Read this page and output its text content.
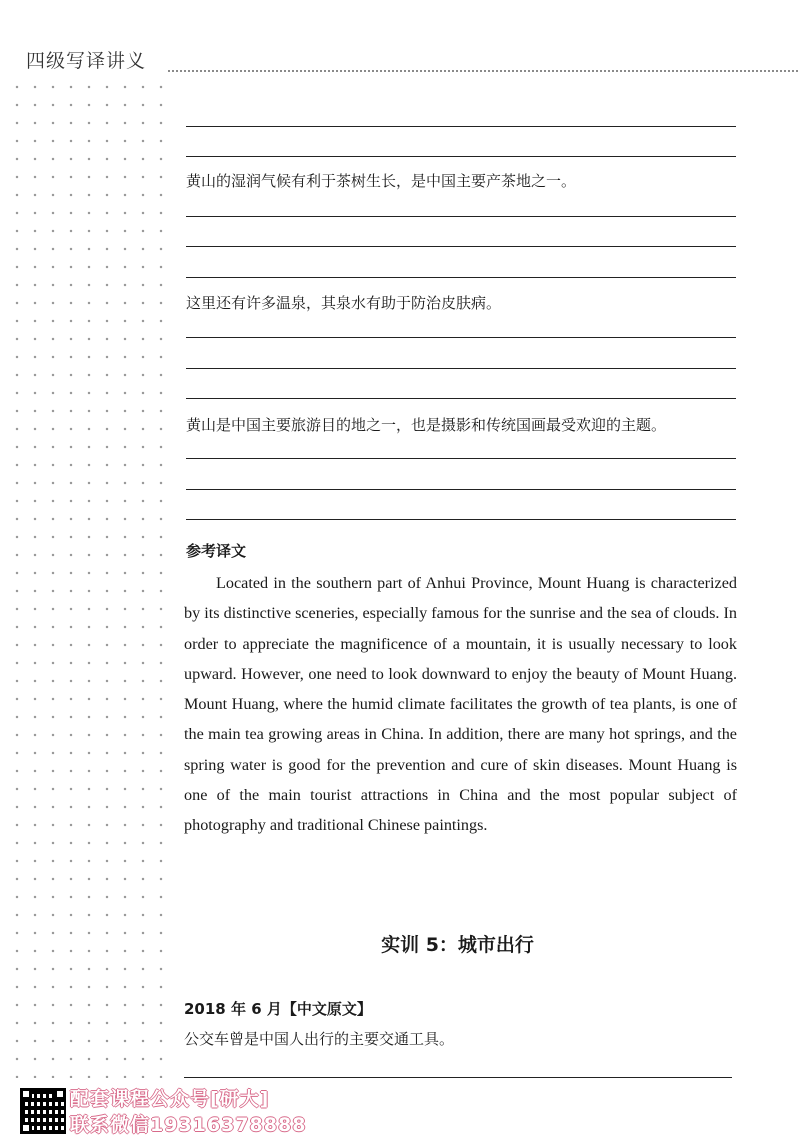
四级写译讲义
黄山的湿润气候有利于茶树生长，是中国主要产茶地之一。
这里还有许多温泉，其泉水有助于防治皮肤病。
黄山是中国主要旅游目的地之一，也是摄影和传统国画最受欢迎的主题。
参考译文

Located in the southern part of Anhui Province, Mount Huang is characterized by its distinctive sceneries, especially famous for the sunrise and the sea of clouds. In order to appreciate the magnificence of a mountain, it is usually necessary to look upward. However, one need to look downward to enjoy the beauty of Mount Huang. Mount Huang, where the humid climate facilitates the growth of tea plants, is one of the main tea growing areas in China. In addition, there are many hot springs, and the spring water is good for the prevention and cure of skin diseases. Mount Huang is one of the main tourist attractions in China and the most popular subject of photography and traditional Chinese paintings.

实训 5：城市出行
2018 年 6 月【中文原文】
公交车曾是中国人出行的主要交通工具。
配套课程公众号[研大]
联系微信19316378888
